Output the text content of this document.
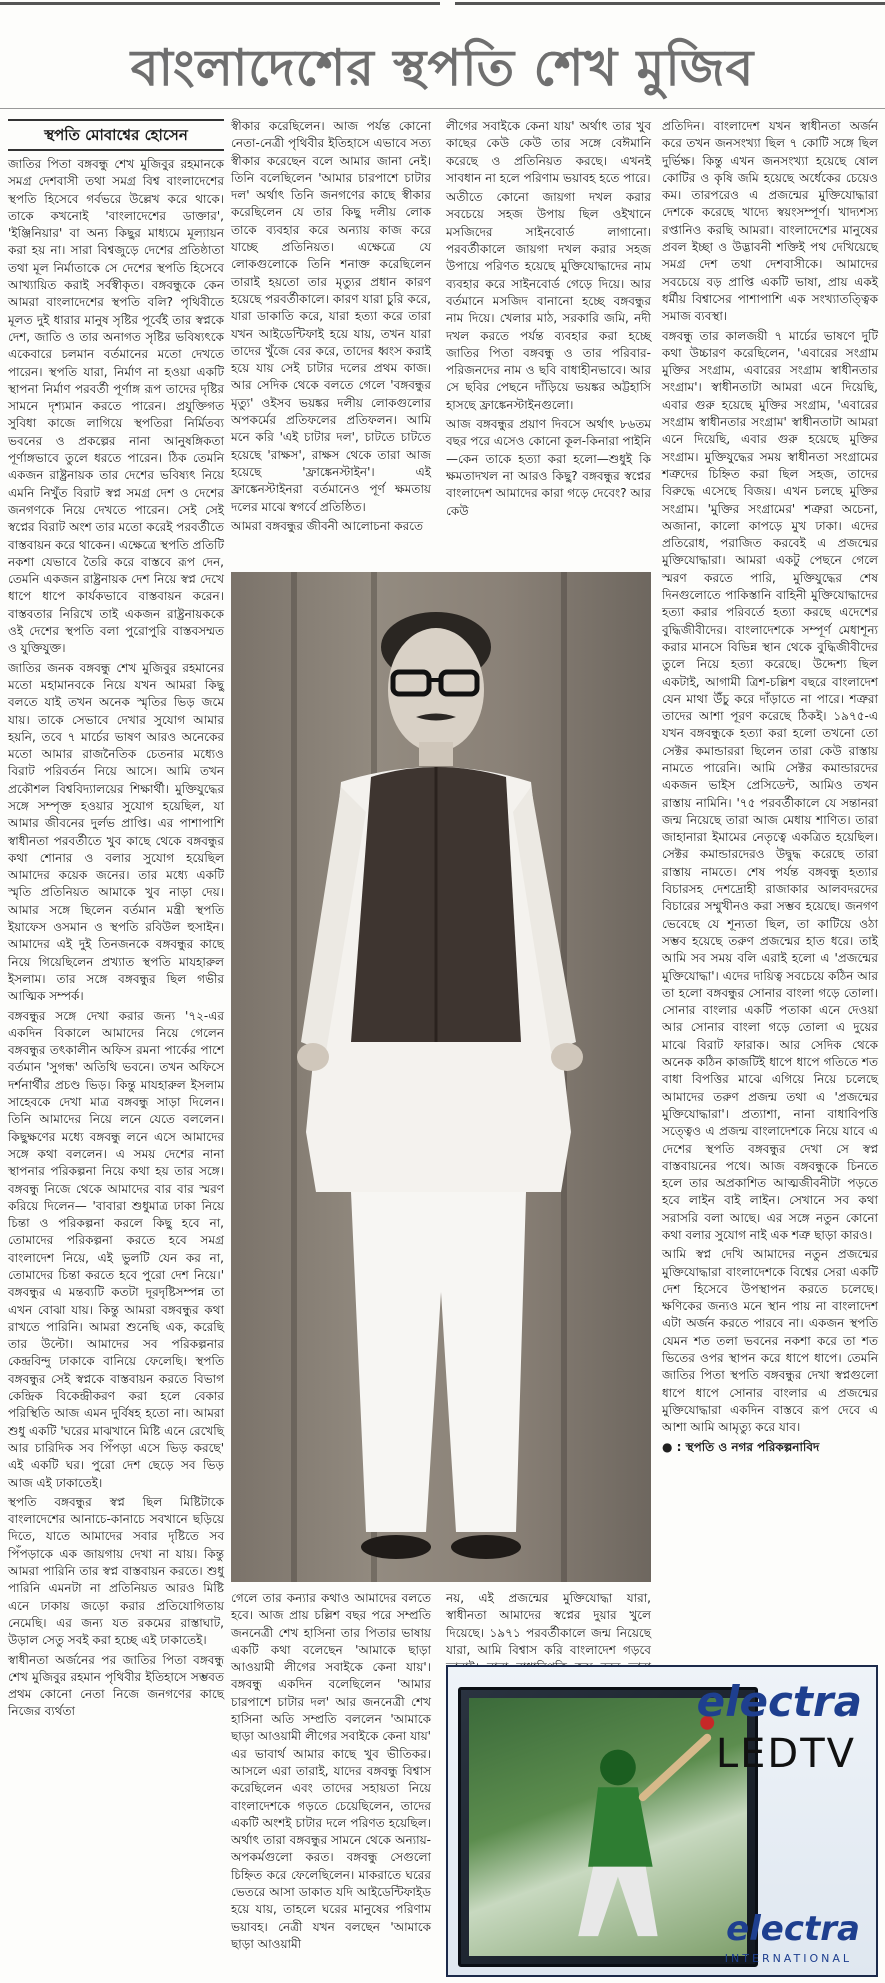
বাংলাদেশের স্থপতি শেখ মুজিব
স্থপতি মোবাশ্বের হোসেন

জাতির পিতা বঙ্গবন্ধু শেখ মুজিবুর রহমানকে সমগ্র দেশবাসী তথা সমগ্র বিশ্ব বাংলাদেশের স্থপতি হিসেবে গর্বভরে উল্লেখ করে থাকে। তাকে কখনোই 'বাংলাদেশের ডাক্তার', 'ইঞ্জিনিয়ার' বা অন্য কিছুর মাধ্যমে মূল্যায়ন করা হয় না। সারা বিশ্বজুড়ে দেশের প্রতিষ্ঠাতা তথা মূল নির্মাতাকে সে দেশের স্থপতি হিসেবে আখ্যায়িত করাই সর্বস্বীকৃত। বঙ্গবন্ধুকে কেন আমরা বাংলাদেশের স্থপতি বলি? পৃথিবীতে মূলত দুই ধারার মানুষ সৃষ্টির পূর্বেই তার স্বপ্নকে দেশ, জাতি ও তার অনাগত সৃষ্টির ভবিষ্যৎকে একেবারে চলমান বর্তমানের মতো দেখতে পারেন। স্থপতি যারা, নির্মাণ না হওয়া একটি স্থাপনা নির্মাণ পরবর্তী পূর্ণাঙ্গ রূপ তাদের দৃষ্টির সামনে দৃশ্যমান করতে পারেন। প্রযুক্তিগত সুবিধা কাজে লাগিয়ে স্থপতিরা নির্মিতব্য ভবনের ও প্রকল্পের নানা আনুষঙ্গিকতা পূর্ণাঙ্গভাবে তুলে ধরতে পারেন। ঠিক তেমনি একজন রাষ্ট্রনায়ক তার দেশের ভবিষ্যৎ নিয়ে এমনি নিখুঁত বিরাট স্বপ্ন সমগ্র দেশ ও দেশের জনগণকে নিয়ে দেখতে পারেন। সেই সেই স্বপ্নের বিরাট অংশ তার মতো করেই পরবর্তীতে বাস্তবায়ন করে থাকেন। এক্ষেত্রে স্থপতি প্রতিটি নকশা যেভাবে তৈরি করে বাস্তবে রূপ দেন, তেমনি একজন রাষ্ট্রনায়ক দেশ নিয়ে স্বপ্ন দেখে ধাপে ধাপে কার্যকভাবে বাস্তবায়ন করেন। বাস্তবতার নিরিখে তাই একজন রাষ্ট্রনায়ককে ওই দেশের স্থপতি বলা পুরোপুরি বাস্তবসম্মত ও যুক্তিযুক্ত।

জাতির জনক বঙ্গবন্ধু শেখ মুজিবুর রহমানের মতো মহামানবকে নিয়ে যখন আমরা কিছু বলতে যাই তখন অনেক স্মৃতির ভিড় জমে যায়। তাকে সেভাবে দেখার সুযোগ আমার হয়নি, তবে ৭ মার্চের ভাষণ আরও অনেকের মতো আমার রাজনৈতিক চেতনার মধ্যেও বিরাট পরিবর্তন নিয়ে আসে। আমি তখন প্রকৌশল বিশ্ববিদ্যালয়ের শিক্ষার্থী। মুক্তিযুদ্ধের সঙ্গে সম্পৃক্ত হওয়ার সুযোগ হয়েছিল, যা আমার জীবনের দুর্লভ প্রাপ্তি। এর পাশাপাশি স্বাধীনতা পরবর্তীতে খুব কাছে থেকে বঙ্গবন্ধুর কথা শোনার ও বলার সুযোগ হয়েছিল আমাদের কয়েক জনের। তার মধ্যে একটি স্মৃতি প্রতিনিয়ত আমাকে খুব নাড়া দেয়। আমার সঙ্গে ছিলেন বর্তমান মন্ত্রী স্থপতি ইয়াফেস ওসমান ও স্থপতি রবিউল হুসাইন। আমাদের এই দুই তিনজনকে বঙ্গবন্ধুর কাছে নিয়ে গিয়েছিলেন প্রখ্যাত স্থপতি মাযহারুল ইসলাম। তার সঙ্গে বঙ্গবন্ধুর ছিল গভীর আত্মিক সম্পর্ক।

বঙ্গবন্ধুর সঙ্গে দেখা করার জন্য '৭২-এর একদিন বিকালে আমাদের নিয়ে গেলেন বঙ্গবন্ধুর তৎকালীন অফিস রমনা পার্কের পাশে বর্তমান 'সুগন্ধ' অতিথি ভবনে। তখন অফিসে দর্শনার্থীর প্রচণ্ড ভিড়। কিন্তু মাযহারুল ইসলাম সাহেবকে দেখা মাত্র বঙ্গবন্ধু সাড়া দিলেন। তিনি আমাদের নিয়ে লনে যেতে বললেন। কিছুক্ষণের মধ্যে বঙ্গবন্ধু লনে এসে আমাদের সঙ্গে কথা বললেন। এ সময় দেশের নানা স্থাপনার পরিকল্পনা নিয়ে কথা হয় তার সঙ্গে। বঙ্গবন্ধু নিজে থেকে আমাদের বার বার স্মরণ করিয়ে দিলেন— 'বাবারা শুধুমাত্র ঢাকা নিয়ে চিন্তা ও পরিকল্পনা করলে কিছু হবে না, তোমাদের পরিকল্পনা করতে হবে সমগ্র বাংলাদেশ নিয়ে, এই ভুলটি যেন কর না, তোমাদের চিন্তা করতে হবে পুরো দেশ নিয়ে।' বঙ্গবন্ধুর এ মন্তব্যটি কতটা দূরদৃষ্টিসম্পন্ন তা এখন বোঝা যায়। কিন্তু আমরা বঙ্গবন্ধুর কথা রাখতে পারিনি। আমরা শুনেছি এক, করেছি তার উল্টো। আমাদের সব পরিকল্পনার কেন্দ্রবিন্দু ঢাকাকে বানিয়ে ফেলেছি। স্থপতি বঙ্গবন্ধুর সেই স্বপ্নকে বাস্তবায়ন করতে বিভাগ কেন্দ্রিক বিকেন্দ্রীকরণ করা হলে বেকার পরিস্থিতি আজ এমন দুর্বিষহ হতো না। আমরা শুধু একটি 'ঘরের মাঝখানে মিষ্টি এনে রেখেছি আর চারিদিক সব পিঁপড়া এসে ভিড় করছে' এই একটি ঘর। পুরো দেশ ছেড়ে সব ভিড় আজ এই ঢাকাতেই।

স্থপতি বঙ্গবন্ধুর স্বপ্ন ছিল মিষ্টিটাকে বাংলাদেশের আনাচে-কানাচে সবখানে ছড়িয়ে দিতে, যাতে আমাদের সবার দৃষ্টিতে সব পিঁপড়াকে এক জায়গায় দেখা না যায়। কিন্তু আমরা পারিনি তার স্বপ্ন বাস্তবায়ন করতে। শুধু পারিনি এমনটা না প্রতিনিয়ত আরও মিষ্টি এনে ঢাকায় জড়ো করার প্রতিযোগিতায় নেমেছি। এর জন্য যত রকমের রাস্তাঘাট, উড়াল সেতু সবই করা হচ্ছে এই ঢাকাতেই।

স্বাধীনতা অর্জনের পর জাতির পিতা বঙ্গবন্ধু শেখ মুজিবুর রহমান পৃথিবীর ইতিহাসে সম্ভবত প্রথম কোনো নেতা নিজে জনগণের কাছে নিজের ব্যর্থতা

স্বীকার করেছিলেন। আজ পর্যন্ত কোনো নেতা-নেত্রী পৃথিবীর ইতিহাসে এভাবে সত্য স্বীকার করেছেন বলে আমার জানা নেই। তিনি বলেছিলেন 'আমার চারপাশে চাটার দল' অর্থাৎ তিনি জনগণের কাছে স্বীকার করেছিলেন যে তার কিছু দলীয় লোক তাকে ব্যবহার করে অন্যায় কাজ করে যাচ্ছে প্রতিনিয়ত। এক্ষেত্রে যে লোকগুলোকে তিনি শনাক্ত করেছিলেন তারাই হয়তো তার মৃত্যুর প্রধান কারণ হয়েছে পরবর্তীকালে। কারণ যারা চুরি করে, যারা ডাকাতি করে, যারা হত্যা করে তারা যখন আইডেন্টিফাই হয়ে যায়, তখন যারা তাদের খুঁজে বের করে, তাদের ধ্বংস করাই হয়ে যায় সেই চাটার দলের প্রথম কাজ। আর সেদিক থেকে বলতে গেলে 'বঙ্গবন্ধুর মৃত্যু' ওইসব ভয়ঙ্কর দলীয় লোকগুলোর অপকর্মের প্রতিফলের প্রতিফলন। আমি মনে করি 'এই চাটার দল', চাটতে চাটতে হয়েছে 'রাক্ষস', রাক্ষস থেকে তারা আজ হয়েছে 'ফ্রাঙ্কেনস্টাইন'। এই ফ্রাঙ্কেনস্টাইনরা বর্তমানেও পূর্ণ ক্ষমতায় দলের মাঝে স্বগর্বে প্রতিষ্ঠিত।

আমরা বঙ্গবন্ধুর জীবনী আলোচনা করতে

লীগের সবাইকে কেনা যায়' অর্থাৎ তার খুব কাছের কেউ কেউ তার সঙ্গে বেঈমানি করেছে ও প্রতিনিয়ত করছে। এখনই সাবধান না হলে পরিণাম ভয়াবহ হতে পারে।

অতীতে কোনো জায়গা দখল করার সবচেয়ে সহজ উপায় ছিল ওইখানে মসজিদের সাইনবোর্ড লাগানো। পরবর্তীকালে জায়গা দখল করার সহজ উপায়ে পরিণত হয়েছে মুক্তিযোদ্ধাদের নাম ব্যবহার করে সাইনবোর্ড গেড়ে দিয়ে। আর বর্তমানে মসজিদ বানানো হচ্ছে বঙ্গবন্ধুর নাম দিয়ে। খেলার মাঠ, সরকারি জমি, নদী দখল করতে পর্যন্ত ব্যবহার করা হচ্ছে জাতির পিতা বঙ্গবন্ধু ও তার পরিবার-পরিজনদের নাম ও ছবি বাধাহীনভাবে। আর সে ছবির পেছনে দাঁড়িয়ে ভয়ঙ্কর অট্টহাসি হাসছে ফ্রাঙ্কেনস্টাইনগুলো।

আজ বঙ্গবন্ধুর প্রয়াণ দিবসে অর্থাৎ ৮৬তম বছর পরে এসেও কোনো কূল-কিনারা পাইনি—কেন তাকে হত্যা করা হলো—শুধুই কি ক্ষমতাদখল না আরও কিছু? বঙ্গবন্ধুর স্বপ্নের বাংলাদেশ আমাদের কারা গড়ে দেবেং? আর কেউ

গেলে তার কন্যার কথাও আমাদের বলতে হবে। আজ প্রায় চল্লিশ বছর পরে সম্প্রতি জননেত্রী শেখ হাসিনা তার পিতার ভাষায় একটি কথা বলেছেন 'আমাকে ছাড়া আওয়ামী লীগের সবাইকে কেনা যায়'। বঙ্গবন্ধু একদিন বলেছিলেন 'আমার চারপাশে চাটার দল' আর জননেত্রী শেখ হাসিনা অতি সম্প্রতি বললেন 'আমাকে ছাড়া আওয়ামী লীগের সবাইকে কেনা যায়' এর ভাবার্থ আমার কাছে খুব ভীতিকর। আসলে এরা তারাই, যাদের বঙ্গবন্ধু বিশ্বাস করেছিলেন এবং তাদের সহায়তা নিয়ে বাংলাদেশকে গড়তে চেয়েছিলেন, তাদের একটি অংশই চাটার দলে পরিণত হয়েছিল। অর্থাৎ তারা বঙ্গবন্ধুর সামনে থেকে অন্যায়-অপকর্মগুলো করত। বঙ্গবন্ধু সেগুলো চিহ্নিত করে ফেলেছিলেন। মাকরাতে ঘরের ভেতরে আসা ডাকাত যদি আইডেন্টিফাইড হয়ে যায়, তাহলে ঘরের মানুষের পরিণাম ভয়াবহ। নেত্রী যখন বলছেন 'আমাকে ছাড়া আওয়ামী

নয়, এই প্রজন্মের মুক্তিযোদ্ধা যারা, স্বাধীনতা আমাদের স্বপ্নের দুয়ার খুলে দিয়েছে। ১৯৭১ পরবর্তীকালে জন্ম নিয়েছে যারা, আমি বিশ্বাস করি বাংলাদেশ গড়বে

প্রতিদিন। বাংলাদেশ যখন স্বাধীনতা অর্জন করে তখন জনসংখ্যা ছিল ৭ কোটি সঙ্গে ছিল দুর্ভিক্ষ। কিন্তু এখন জনসংখ্যা হয়েছে ষোল কোটির ও কৃষি জমি হয়েছে অর্ধেকের চেয়েও কম। তারপরেও এ প্রজন্মের মুক্তিযোদ্ধারা দেশকে করেছে খাদ্যে স্বয়ংসম্পূর্ণ। খাদ্যশস্য রপ্তানিও করছি আমরা। বাংলাদেশের মানুষের প্রবল ইচ্ছা ও উদ্ভাবনী শক্তিই পথ দেখিয়েছে সমগ্র দেশ তথা দেশবাসীকে। আমাদের সবচেয়ে বড় প্রাপ্তি একটি ভাষা, প্রায় একই ধর্মীয় বিশ্বাসের পাশাপাশি এক সংখ্যাতত্ত্বিক সমাজ ব্যবস্থা।

বঙ্গবন্ধু তার কালজয়ী ৭ মার্চের ভাষণে দুটি কথা উচ্চারণ করেছিলেন, 'এবারের সংগ্রাম মুক্তির সংগ্রাম, এবারের সংগ্রাম স্বাধীনতার সংগ্রাম'। স্বাধীনতাটা আমরা এনে দিয়েছি, এবার গুরু হয়েছে মুক্তির সংগ্রাম, 'এবারের সংগ্রাম স্বাধীনতার সংগ্রাম' স্বাধীনতাটা আমরা এনে দিয়েছি, এবার গুরু হয়েছে মুক্তির সংগ্রাম। মুক্তিযুদ্ধের সময় স্বাধীনতা সংগ্রামের শত্রুদের চিহ্নিত করা ছিল সহজ, তাদের বিরুদ্ধে এসেছে বিজয়। এখন চলছে মুক্তির সংগ্রাম। 'মুক্তির সংগ্রামের' শত্রুরা অচেনা, অজানা, কালো কাপড়ে মুখ ঢাকা। এদের প্রতিরোধ, পরাজিত করবেই এ প্রজন্মের মুক্তিযোদ্ধারা। আমরা একটু পেছনে গেলে স্মরণ করতে পারি, মুক্তিযুদ্ধের শেষ দিনগুলোতে পাকিস্তানি বাহিনী মুক্তিযোদ্ধাদের হত্যা করার পরিবর্তে হত্যা করছে এদেশের বুদ্ধিজীবীদের। বাংলাদেশকে সম্পূর্ণ মেধাশূন্য করার মানসে বিভিন্ন স্থান থেকে বুদ্ধিজীবীদের তুলে নিয়ে হত্যা করেছে। উদ্দেশ্য ছিল একটাই, আগামী ত্রিশ-চল্লিশ বছরে বাংলাদেশ যেন মাথা উঁচু করে দাঁড়াতে না পারে। শত্রুরা তাদের আশা পূরণ করেছে ঠিকই। ১৯৭৫-এ যখন বঙ্গবন্ধুকে হত্যা করা হলো তখনো তো সেক্টর কমান্ডাররা ছিলেন তারা কেউ রাস্তায় নামতে পারেনি। আমি সেক্টর কমান্ডারদের একজন ভাইস প্রেসিডেন্ট, আমিও তখন রাস্তায় নামিনি। '৭৫ পরবর্তীকালে যে সন্তানরা জন্ম নিয়েছে তারা আজ মেধায় শাণিত। তারা জাহানারা ইমামের নেতৃত্বে একত্রিত হয়েছিল। সেক্টর কমান্ডারদেরও উদ্বুদ্ধ করেছে তারা রাস্তায় নামতে। শেষ পর্যন্ত বঙ্গবন্ধু হত্যার বিচারসহ দেশদ্রোহী রাজাকার আলবদরদের বিচারের সম্মুখীনও করা সম্ভব হয়েছে। জনগণ ভেবেছে যে শূন্যতা ছিল, তা কাটিয়ে ওঠা সম্ভব হয়েছে তরুণ প্রজন্মের হাত ধরে। তাই আমি সব সময় বলি এরাই হলো এ 'প্রজন্মের মুক্তিযোদ্ধা'। এদের দায়িত্ব সবচেয়ে কঠিন আর তা হলো বঙ্গবন্ধুর সোনার বাংলা গড়ে তোলা। সোনার বাংলার একটি পতাকা এনে দেওয়া আর সোনার বাংলা গড়ে তোলা এ দুয়ের মাঝে বিরাট ফারাক। আর সেদিক থেকে অনেক কঠিন কাজটিই ধাপে ধাপে গতিতে শত বাধা বিপত্তির মাঝে এগিয়ে নিয়ে চলেছে আমাদের তরুণ প্রজন্ম তথা এ 'প্রজন্মের মুক্তিযোদ্ধারা'। প্রত্যাশা, নানা বাধাবিপত্তি সত্ত্বেও এ প্রজন্ম বাংলাদেশকে নিয়ে যাবে এ দেশের স্থপতি বঙ্গবন্ধুর দেখা সে স্বপ্ন বাস্তবায়নের পথে। আজ বঙ্গবন্ধুকে চিনতে হলে তার অপ্রকাশিত আত্মজীবনীটা পড়তে হবে লাইন বাই লাইন। সেখানে সব কথা সরাসরি বলা আছে। এর সঙ্গে নতুন কোনো কথা বলার সুযোগ নাই এক শত্রু ছাড়া কারও।

আমি স্বপ্ন দেখি আমাদের নতুন প্রজন্মের মুক্তিযোদ্ধারা বাংলাদেশকে বিশ্বের সেরা একটি দেশ হিসেবে উপস্থাপন করতে চলেছে। ক্ষণিকের জন্যও মনে স্থান পায় না বাংলাদেশ এটা অর্জন করতে পারবে না। একজন স্থপতি যেমন শত তলা ভবনের নকশা করে তা শত ভিতের ওপর স্থাপন করে ধাপে ধাপে। তেমনি জাতির পিতা স্থপতি বঙ্গবন্ধুর দেখা স্বপ্নগুলো ধাপে ধাপে সোনার বাংলার এ প্রজন্মের মুক্তিযোদ্ধারা একদিন বাস্তবে রূপ দেবে এ আশা আমি আমৃত্যু করে যাব।

● : স্থপতি ও নগর পরিকল্পনাবিদ

electra
LEDTV
electra
INTERNATIONAL
